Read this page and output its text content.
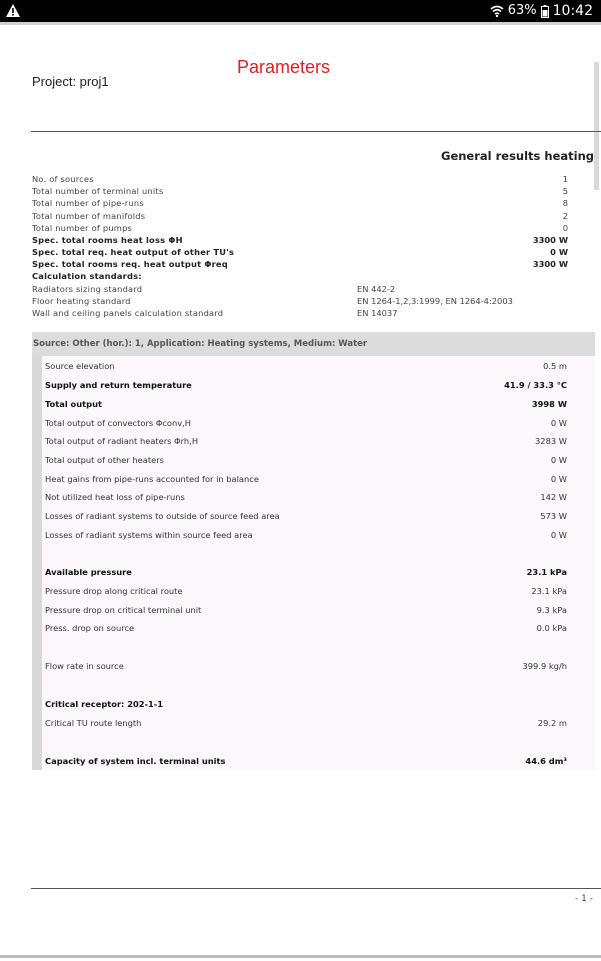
63% 10:42
Parameters
Project: proj1
General results heating
No. of sources	1
Total number of terminal units	5
Total number of pipe-runs	8
Total number of manifolds	2
Total number of pumps	0
Spec. total rooms heat loss ΦH	3300 W
Spec. total req. heat output of other TU's	0 W
Spec. total rooms req. heat output Φreq	3300 W
Calculation standards:
Radiators sizing standard	EN 442-2
Floor heating standard	EN 1264-1,2,3:1999, EN 1264-4:2003
Wall and ceiling panels calculation standard	EN 14037
Source: Other (hor.): 1, Application: Heating systems, Medium: Water
Source elevation	0.5 m
Supply and return temperature	41.9 / 33.3 °C
Total output	3998 W
Total output of convectors Φconv,H	0 W
Total output of radiant heaters Φrh,H	3283 W
Total output of other heaters	0 W
Heat gains from pipe-runs accounted for in balance	0 W
Not utilized heat loss of pipe-runs	142 W
Losses of radiant systems to outside of source feed area	573 W
Losses of radiant systems within source feed area	0 W
Available pressure	23.1 kPa
Pressure drop along critical route	23.1 kPa
Pressure drop on critical terminal unit	9.3 kPa
Press. drop on source	0.0 kPa
Flow rate in source	399.9 kg/h
Critical receptor: 202-1-1
Critical TU route length	29.2 m
Capacity of system incl. terminal units	44.6 dm³
- 1 -
